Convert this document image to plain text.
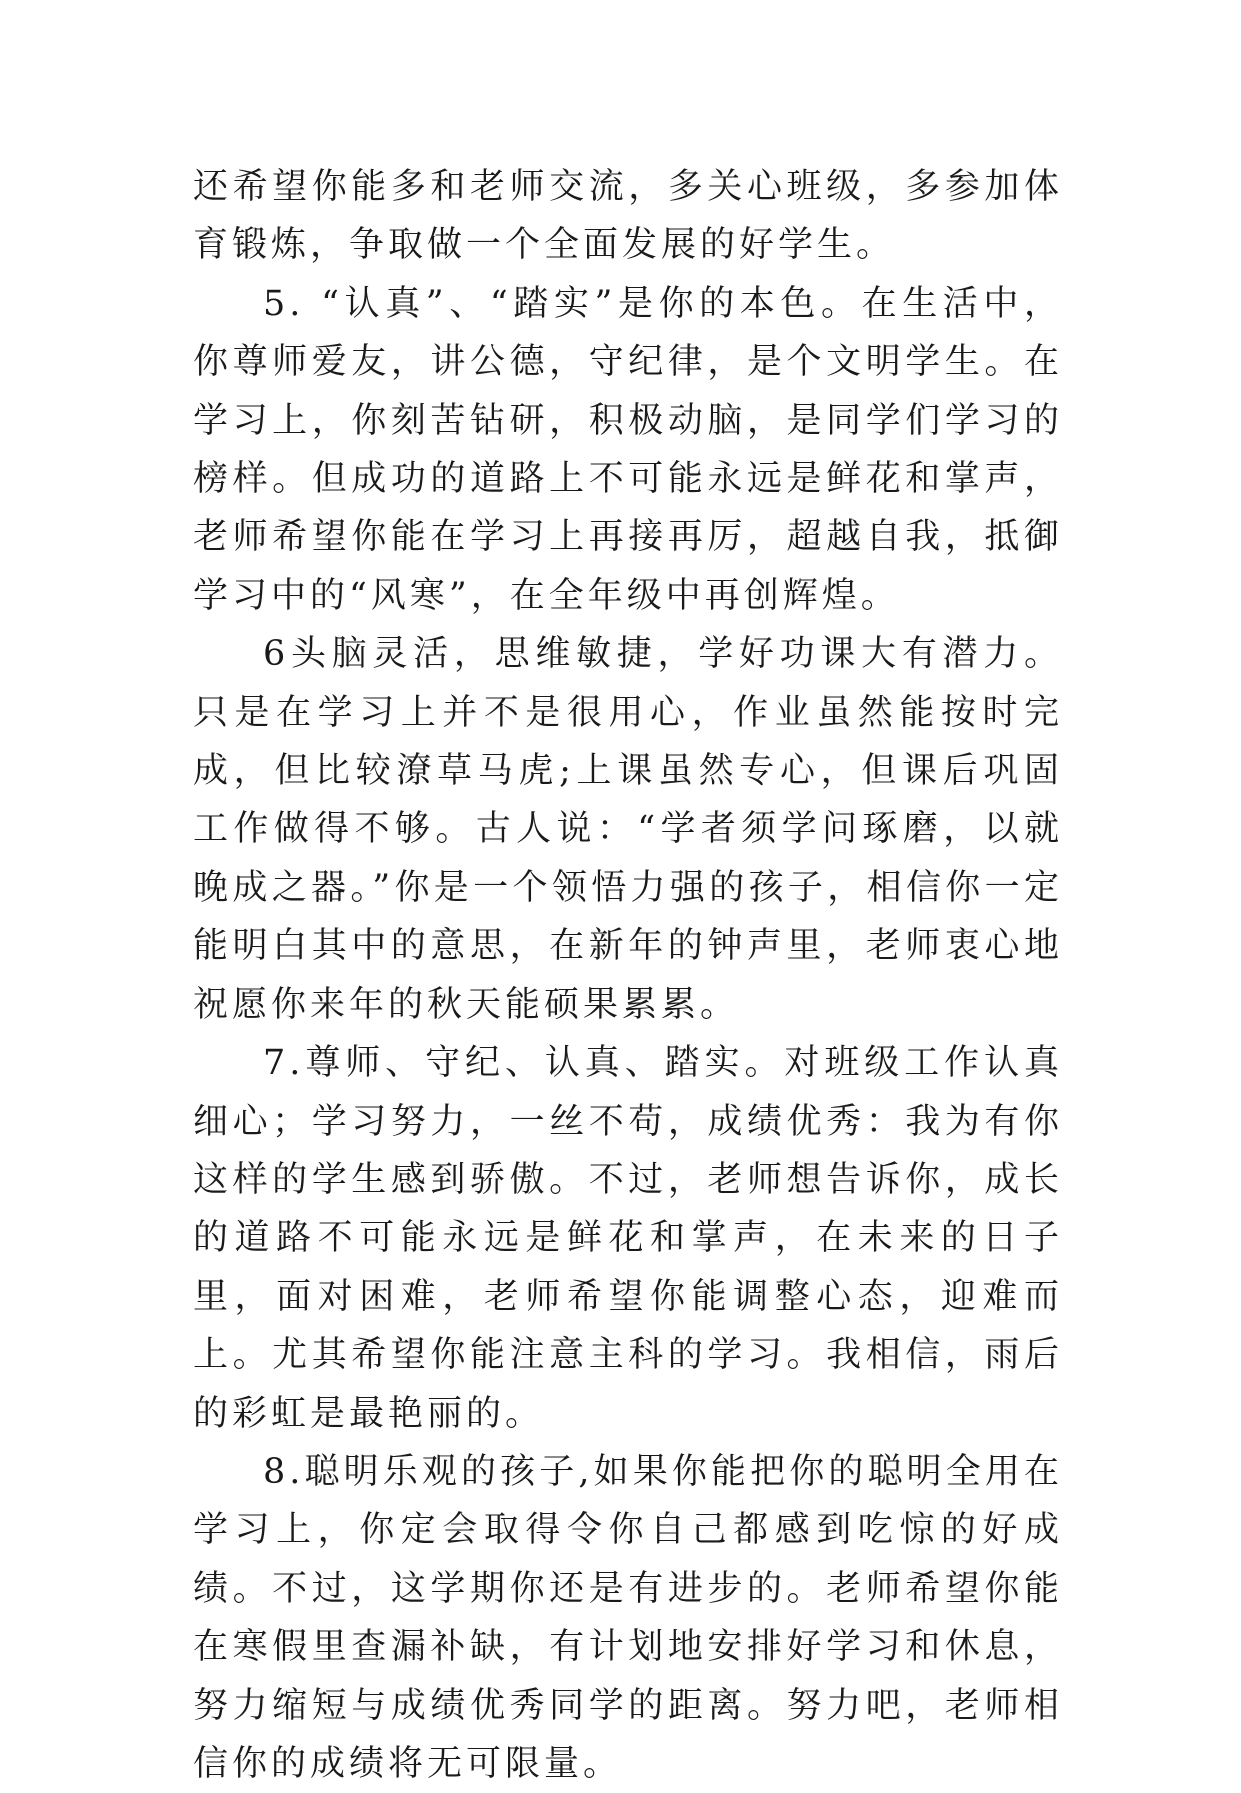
还希望你能多和老师交流，多关心班级，多参加体育锻炼，争取做一个全面发展的好学生。

5. “认真”、“踏实”是你的本色。在生活中，你尊师爱友，讲公德，守纪律，是个文明学生。在学习上，你刻苦钻研，积极动脑，是同学们学习的榜样。但成功的道路上不可能永远是鲜花和掌声，老师希望你能在学习上再接再厉，超越自我，抵御学习中的“风寒”，在全年级中再创辉煌。

6头脑灵活，思维敏捷，学好功课大有潜力。只是在学习上并不是很用心，作业虽然能按时完成，但比较潦草马虎;上课虽然专心，但课后巩固工作做得不够。古人说：“学者须学问琢磨，以就晚成之器。”你是一个领悟力强的孩子，相信你一定能明白其中的意思，在新年的钟声里，老师衷心地祝愿你来年的秋天能硕果累累。

7.尊师、守纪、认真、踏实。对班级工作认真细心；学习努力，一丝不苟，成绩优秀：我为有你这样的学生感到骄傲。不过，老师想告诉你，成长的道路不可能永远是鲜花和掌声，在未来的日子里，面对困难，老师希望你能调整心态，迎难而上。尤其希望你能注意主科的学习。我相信，雨后的彩虹是最艳丽的。

8.聪明乐观的孩子,如果你能把你的聪明全用在学习上，你定会取得令你自己都感到吃惊的好成绩。不过，这学期你还是有进步的。老师希望你能在寒假里查漏补缺，有计划地安排好学习和休息，努力缩短与成绩优秀同学的距离。努力吧，老师相信你的成绩将无可限量。
